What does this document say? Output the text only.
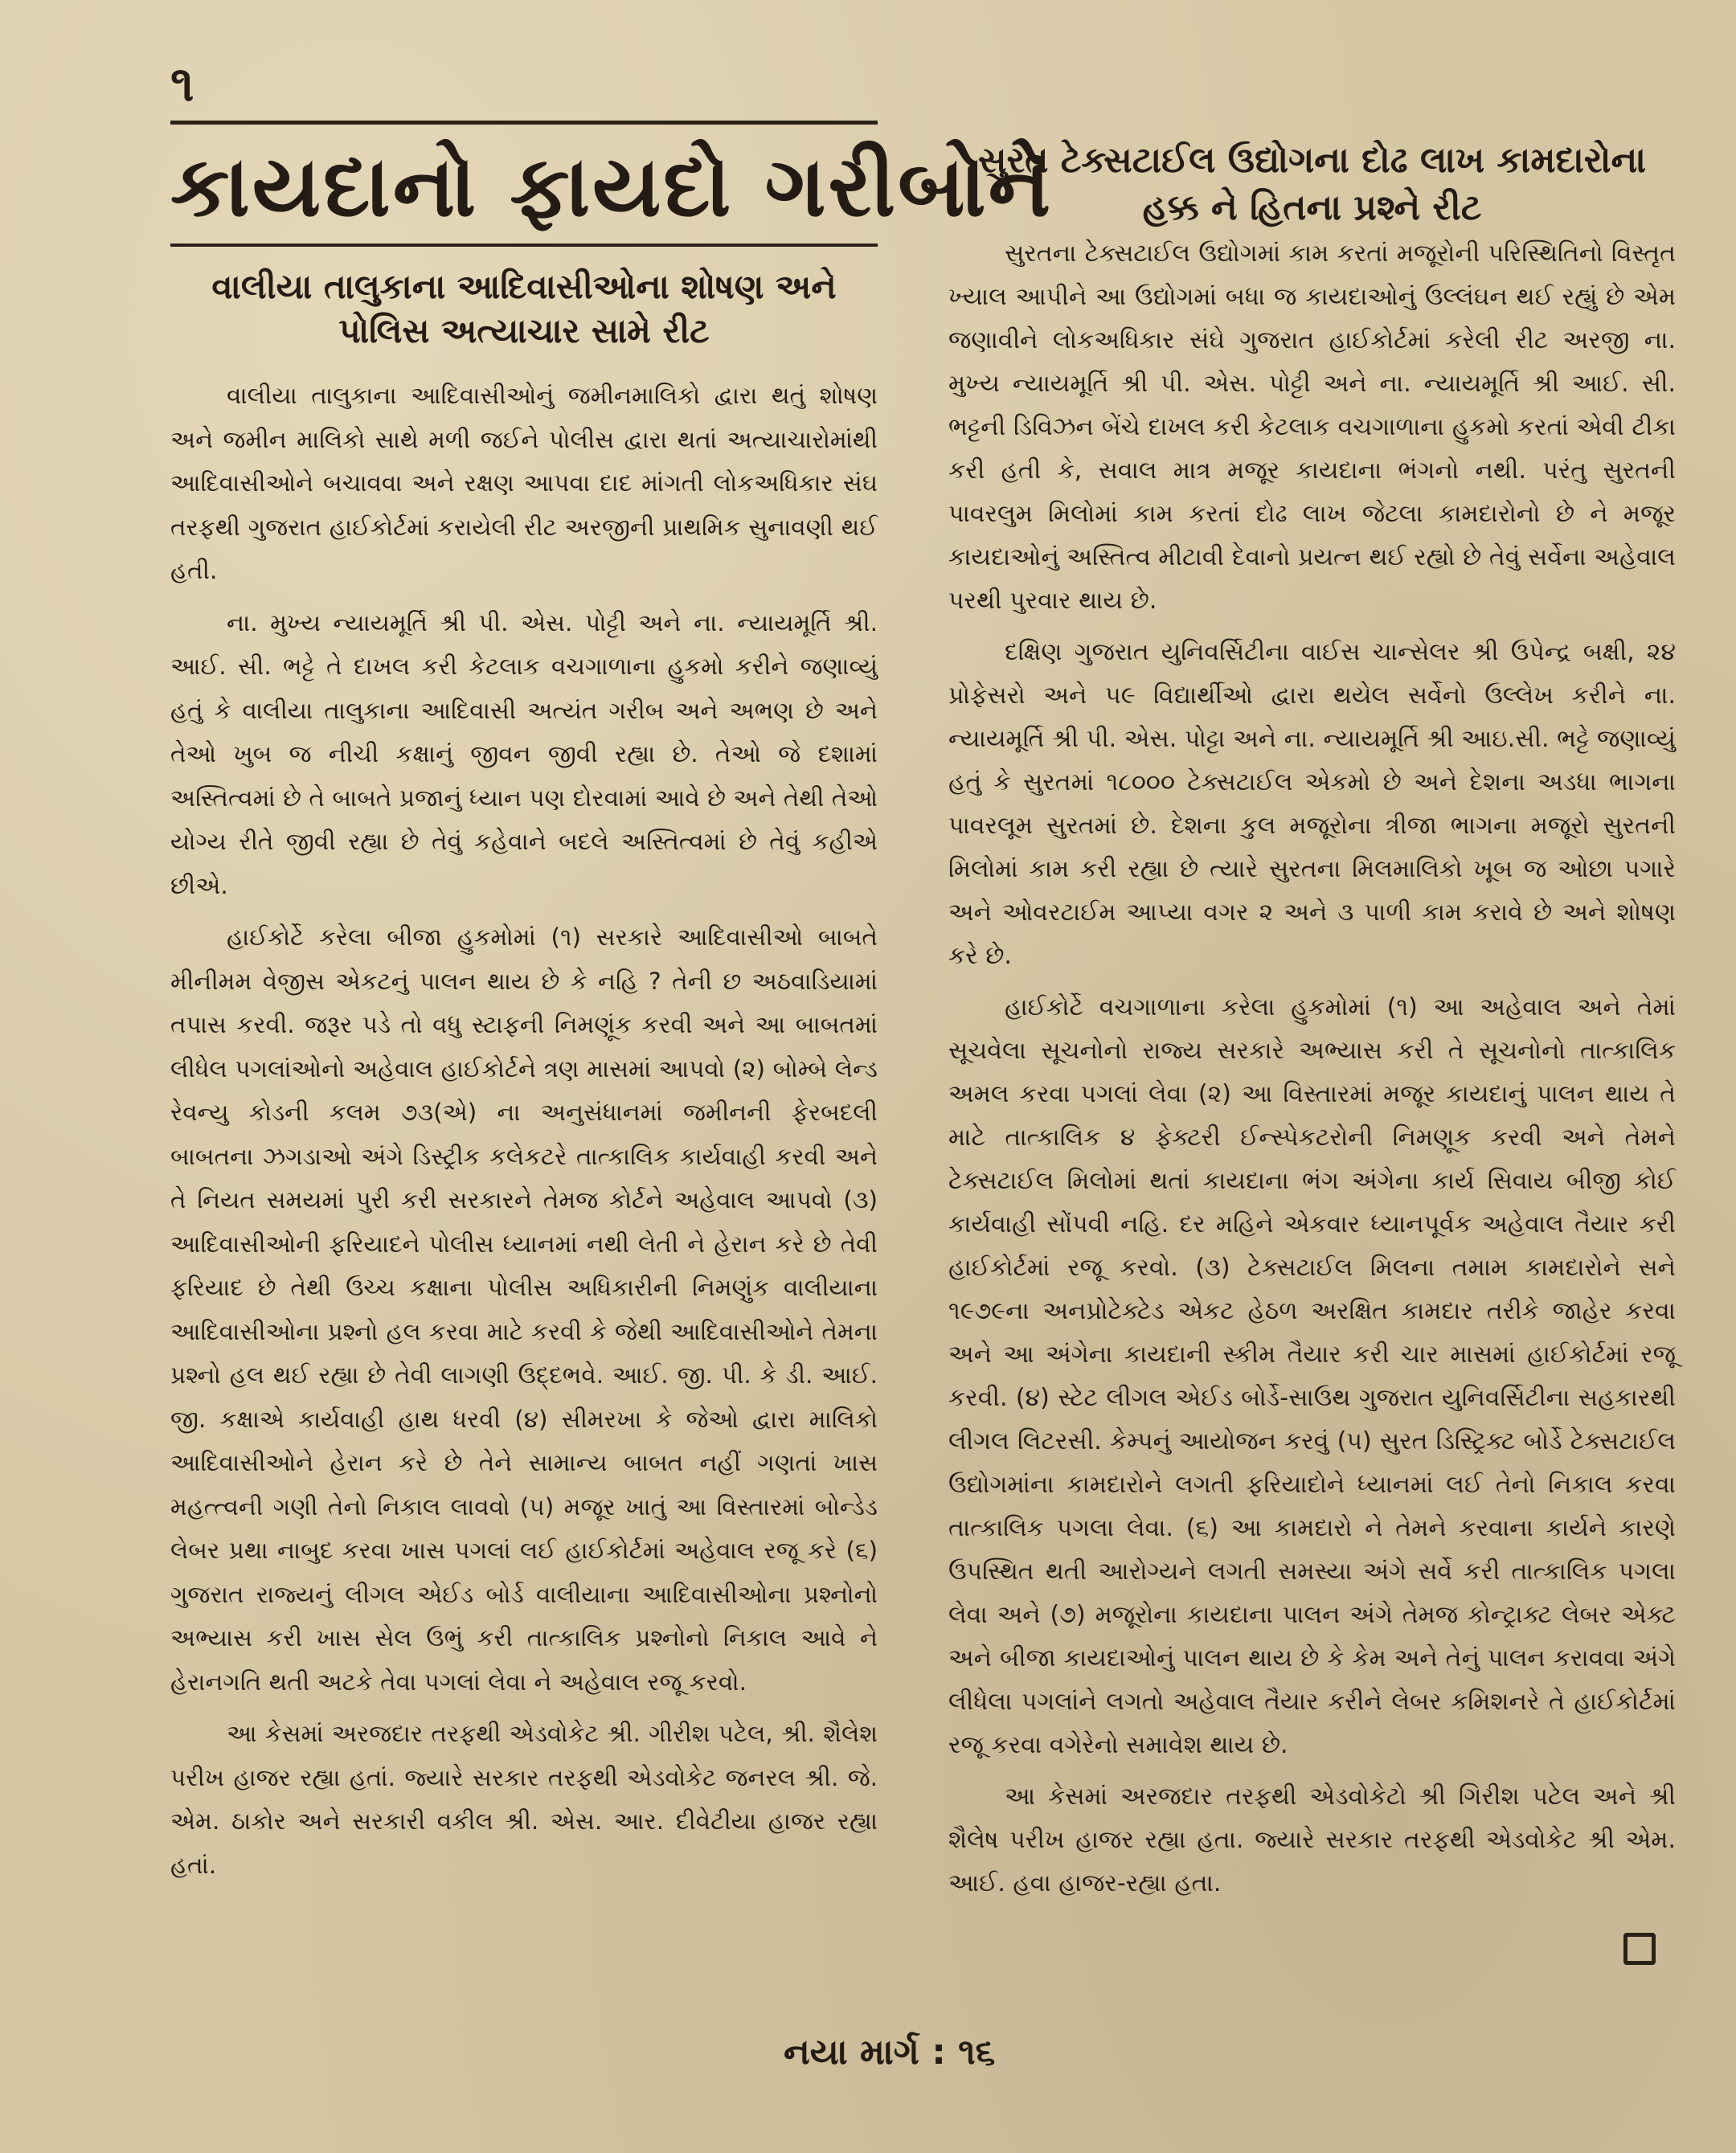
૧
કાયદાનો ફાયદો ગરીબોને
વાલીયા તાલુકાના આદિવાસીઓના શોષણ અને પોલિસ અત્યાચાર સામે રીટ

વાલીયા તાલુકાના આદિવાસીઓનું જમીનમાલિકો દ્વારા થતું શોષણ અને જમીન માલિકો સાથે મળી જઈને પોલીસ દ્વારા થતાં અત્યાચારોમાંથી આદિવાસીઓને બચાવવા અને રક્ષણ આપવા દાદ માંગતી લોકઅધિકાર સંઘ તરફથી ગુજરાત હાઈકોર્ટમાં કરાયેલી રીટ અરજીની પ્રાથમિક સુનાવણી થઈ હતી.

ના. મુખ્ય ન્યાયમૂર્તિ શ્રી પી. એસ. પોટ્ટી અને ના. ન્યાયમૂર્તિ શ્રી. આઈ. સી. ભટ્ટે તે દાખલ કરી કેટલાક વચગાળાના હુકમો કરીને જણાવ્યું હતું કે વાલીયા તાલુકાના આદિવાસી અત્યંત ગરીબ અને અભણ છે અને તેઓ ખુબ જ નીચી કક્ષાનું જીવન જીવી રહ્યા છે. તેઓ જે દશામાં અસ્તિત્વમાં છે તે બાબતે પ્રજાનું ધ્યાન પણ દોરવામાં આવે છે અને તેથી તેઓ યોગ્ય રીતે જીવી રહ્યા છે તેવું કહેવાને બદલે અસ્તિત્વમાં છે તેવું કહીએ છીએ.

હાઈકોર્ટે કરેલા બીજા હુકમોમાં (૧) સરકારે આદિવાસીઓ બાબતે મીનીમમ વેજીસ એકટનું પાલન થાય છે કે નહિ ? તેની છ અઠવાડિયામાં તપાસ કરવી. જરૂર પડે તો વધુ સ્ટાફની નિમણૂંક કરવી અને આ બાબતમાં લીધેલ પગલાંઓનો અહેવાલ હાઈકોર્ટને ત્રણ માસમાં આપવો (૨) બોમ્બે લેન્ડ રેવન્યુ કોડની કલમ ૭૩(એ) ના અનુસંધાનમાં જમીનની ફેરબદલી બાબતના ઝગડાઓ અંગે ડિસ્ટ્રીક કલેકટરે તાત્કાલિક કાર્યવાહી કરવી અને તે નિયત સમયમાં પુરી કરી સરકારને તેમજ કોર્ટને અહેવાલ આપવો (૩) આદિવાસીઓની ફરિયાદને પોલીસ ધ્યાનમાં નથી લેતી ને હેરાન કરે છે તેવી ફરિયાદ છે તેથી ઉચ્ચ કક્ષાના પોલીસ અધિકારીની નિમણુંક વાલીયાના આદિવાસીઓના પ્રશ્નો હલ કરવા માટે કરવી કે જેથી આદિવાસીઓને તેમના પ્રશ્નો હલ થઈ રહ્યા છે તેવી લાગણી ઉદ્દભવે. આઈ. જી. પી. કે ડી. આઈ. જી. કક્ષાએ કાર્યવાહી હાથ ધરવી (૪) સીમરખા કે જેઓ દ્વારા માલિકો આદિવાસીઓને હેરાન કરે છે તેને સામાન્ય બાબત નહીં ગણતાં ખાસ મહત્ત્વની ગણી તેનો નિકાલ લાવવો (૫) મજૂર ખાતું આ વિસ્તારમાં બોન્ડેડ લેબર પ્રથા નાબુદ કરવા ખાસ પગલાં લઈ હાઈકોર્ટમાં અહેવાલ રજૂ કરે (૬) ગુજરાત રાજ્યનું લીગલ એઈડ બોર્ડ વાલીયાના આદિવાસીઓના પ્રશ્નોનો અભ્યાસ કરી ખાસ સેલ ઉભું કરી તાત્કાલિક પ્રશ્નોનો નિકાલ આવે ને હેરાનગતિ થતી અટકે તેવા પગલાં લેવા ને અહેવાલ રજૂ કરવો.

આ કેસમાં અરજદાર તરફથી એડવોકેટ શ્રી. ગીરીશ પટેલ, શ્રી. શૈલેશ પરીખ હાજર રહ્યા હતાં. જ્યારે સરકાર તરફથી એડવોકેટ જનરલ શ્રી. જે. એમ. ઠાકોર અને સરકારી વકીલ શ્રી. એસ. આર. દીવેટીયા હાજર રહ્યા હતાં.

સુરત ટેક્સટાઈલ ઉદ્યોગના દોઢ લાખ કામદારોના હક્ક ને હિતના પ્રશ્ને રીટ

સુરતના ટેક્સટાઈલ ઉદ્યોગમાં કામ કરતાં મજૂરોની પરિસ્થિતિનો વિસ્તૃત ખ્યાલ આપીને આ ઉદ્યોગમાં બધા જ કાયદાઓનું ઉલ્લંઘન થઈ રહ્યું છે એમ જણાવીને લોકઅધિકાર સંઘે ગુજરાત હાઈકોર્ટમાં કરેલી રીટ અરજી ના. મુખ્ય ન્યાયમૂર્તિ શ્રી પી. એસ. પોટ્ટી અને ના. ન્યાયમૂર્તિ શ્રી આઈ. સી. ભટ્ટની ડિવિઝન બેંચે દાખલ કરી કેટલાક વચગાળાના હુકમો કરતાં એવી ટીકા કરી હતી કે, સવાલ માત્ર મજૂર કાયદાના ભંગનો નથી. પરંતુ સુરતની પાવરલુમ મિલોમાં કામ કરતાં દોઢ લાખ જેટલા કામદારોનો છે ને મજૂર કાયદાઓનું અસ્તિત્વ મીટાવી દેવાનો પ્રયત્ન થઈ રહ્યો છે તેવું સર્વેના અહેવાલ પરથી પુરવાર થાય છે.

દક્ષિણ ગુજરાત યુનિવર્સિટીના વાઈસ ચાન્સેલર શ્રી ઉપેન્દ્ર બક્ષી, ૨૪ પ્રોફેસરો અને ૫૯ વિદ્યાર્થીઓ દ્વારા થયેલ સર્વેનો ઉલ્લેખ કરીને ના. ન્યાયમૂર્તિ શ્રી પી. એસ. પોટ્ટા અને ના. ન્યાયમૂર્તિ શ્રી આઇ.સી. ભટ્ટે જણાવ્યું હતું કે સુરતમાં ૧૮૦૦૦ ટેક્સટાઈલ એકમો છે અને દેશના અડધા ભાગના પાવરલૂમ સુરતમાં છે. દેશના કુલ મજૂરોના ત્રીજા ભાગના મજૂરો સુરતની મિલોમાં કામ કરી રહ્યા છે ત્યારે સુરતના મિલમાલિકો ખૂબ જ ઓછા પગારે અને ઓવરટાઈમ આપ્યા વગર ૨ અને ૩ પાળી કામ કરાવે છે અને શોષણ કરે છે.

હાઈકોર્ટે વચગાળાના કરેલા હુકમોમાં (૧) આ અહેવાલ અને તેમાં સૂચવેલા સૂચનોનો રાજ્ય સરકારે અભ્યાસ કરી તે સૂચનોનો તાત્કાલિક અમલ કરવા પગલાં લેવા (૨) આ વિસ્તારમાં મજૂર કાયદાનું પાલન થાય તે માટે તાત્કાલિક ૪ ફેક્ટરી ઈન્સ્પેકટરોની નિમણૂક કરવી અને તેમને ટેક્સટાઈલ મિલોમાં થતાં કાયદાના ભંગ અંગેના કાર્ય સિવાય બીજી કોઈ કાર્યવાહી સોંપવી નહિ. દર મહિને એકવાર ધ્યાનપૂર્વક અહેવાલ તૈયાર કરી હાઈકોર્ટમાં રજૂ કરવો. (૩) ટેક્સટાઈલ મિલના તમામ કામદારોને સને ૧૯૭૯ના અનપ્રોટેક્ટેડ એકટ હેઠળ અરક્ષિત કામદાર તરીકે જાહેર કરવા અને આ અંગેના કાયદાની સ્કીમ તૈયાર કરી ચાર માસમાં હાઈકોર્ટમાં રજૂ કરવી. (૪) સ્ટેટ લીગલ એઈડ બોર્ડે-સાઉથ ગુજરાત યુનિવર્સિટીના સહકારથી લીગલ લિટરસી. કેમ્પનું આયોજન કરવું (૫) સુરત ડિસ્ટ્રિક્ટ બોર્ડે ટેક્સટાઈલ ઉદ્યોગમાંના કામદારોને લગતી ફરિયાદોને ધ્યાનમાં લઈ તેનો નિકાલ કરવા તાત્કાલિક પગલા લેવા. (૬) આ કામદારો ને તેમને કરવાના કાર્યને કારણે ઉપસ્થિત થતી આરોગ્યને લગતી સમસ્યા અંગે સર્વે કરી તાત્કાલિક પગલા લેવા અને (૭) મજૂરોના કાયદાના પાલન અંગે તેમજ કોન્ટ્રાક્ટ લેબર એક્ટ અને બીજા કાયદાઓનું પાલન થાય છે કે કેમ અને તેનું પાલન કરાવવા અંગે લીધેલા પગલાંને લગતો અહેવાલ તૈયાર કરીને લેબર કમિશનરે તે હાઈકોર્ટમાં રજૂ કરવા વગેરેનો સમાવેશ થાય છે.

આ કેસમાં અરજદાર તરફથી એડવોકેટો શ્રી ગિરીશ પટેલ અને શ્રી શૈલેષ પરીખ હાજર રહ્યા હતા. જ્યારે સરકાર તરફથી એડવોકેટ શ્રી એમ. આઈ. હવા હાજર-રહ્યા હતા.

નયા માર્ગ : ૧૬
